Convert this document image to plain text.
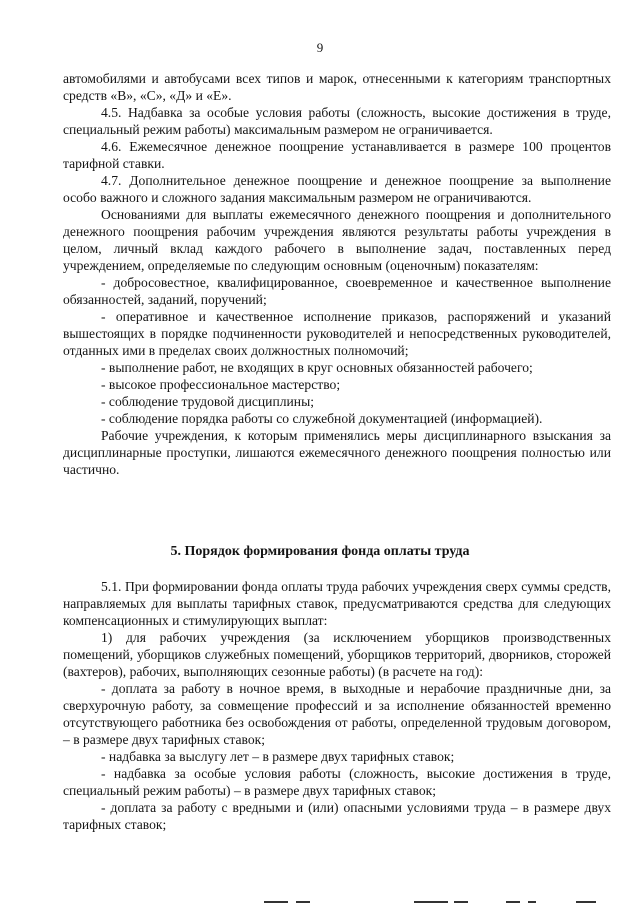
9

автомобилями и автобусами всех типов и марок, отнесенными к категориям транспортных средств «В», «С», «Д» и «Е».

4.5. Надбавка за особые условия работы (сложность, высокие достижения в труде, специальный режим работы) максимальным размером не ограничивается.

4.6. Ежемесячное денежное поощрение устанавливается в размере 100 процентов тарифной ставки.

4.7. Дополнительное денежное поощрение и денежное поощрение за выполнение особо важного и сложного задания максимальным размером не ограничиваются.

Основаниями для выплаты ежемесячного денежного поощрения и дополнительного денежного поощрения рабочим учреждения являются результаты работы учреждения в целом, личный вклад каждого рабочего в выполнение задач, поставленных перед учреждением, определяемые по следующим основным (оценочным) показателям:

- добросовестное, квалифицированное, своевременное и качественное выполнение обязанностей, заданий, поручений;

- оперативное и качественное исполнение приказов, распоряжений и указаний вышестоящих в порядке подчиненности руководителей и непосредственных руководителей, отданных ими в пределах своих должностных полномочий;

- выполнение работ, не входящих в круг основных обязанностей рабочего;

- высокое профессиональное мастерство;

- соблюдение трудовой дисциплины;

- соблюдение порядка работы со служебной документацией (информацией).

Рабочие учреждения, к которым применялись меры дисциплинарного взыскания за дисциплинарные проступки, лишаются ежемесячного денежного поощрения полностью или частично.

5. Порядок формирования фонда оплаты труда

5.1. При формировании фонда оплаты труда рабочих учреждения сверх суммы средств, направляемых для выплаты тарифных ставок, предусматриваются средства для следующих компенсационных и стимулирующих выплат:

1) для рабочих учреждения (за исключением уборщиков производственных помещений, уборщиков служебных помещений, уборщиков территорий, дворников, сторожей (вахтеров), рабочих, выполняющих сезонные работы) (в расчете на год):

- доплата за работу в ночное время, в выходные и нерабочие праздничные дни, за сверхурочную работу, за совмещение профессий и за исполнение обязанностей временно отсутствующего работника без освобождения от работы, определенной трудовым договором, – в размере двух тарифных ставок;

- надбавка за выслугу лет – в размере двух тарифных ставок;

- надбавка за особые условия работы (сложность, высокие достижения в труде, специальный режим работы) – в размере двух тарифных ставок;

- доплата за работу с вредными и (или) опасными условиями труда – в размере двух тарифных ставок;
